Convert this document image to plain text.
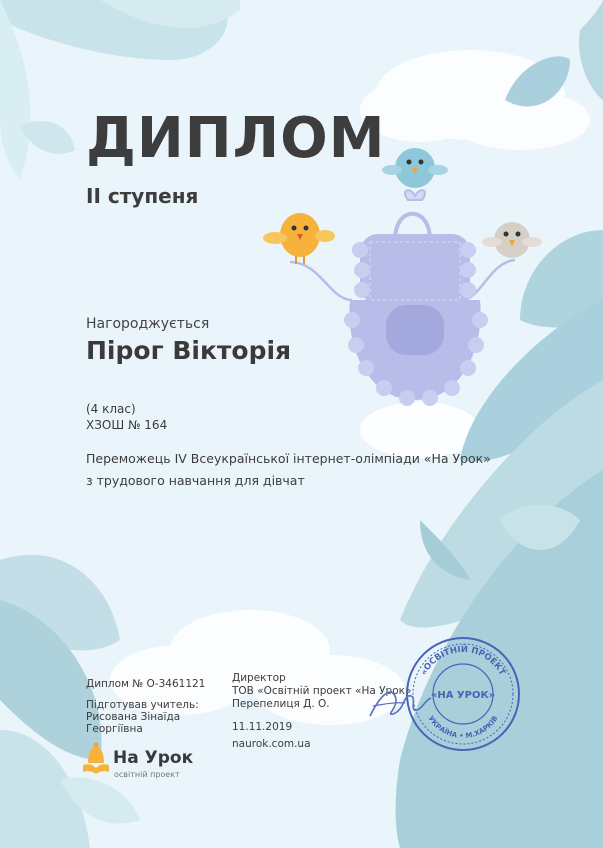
ДИПЛОМ
ІІ ступеня
Нагороджується
Пірог Вікторія
(4 клас)
ХЗОШ № 164
Переможець IV Всеукраїнської інтернет-олімпіади «На Урок»
з трудового навчання для дівчат
Диплом № О-3461121
Підготував учитель:
Рисована Зінаїда
Георгіївна
Директор
ТОВ «Освітній проект «На Урок»
Перепелиця Д. О.
11.11.2019
naurok.com.ua
На Урок
освітній проект
«ОСВІТНІЙ ПРОЕКТ
УКРАЇНА • М.ХАРКІВ
«НА УРОК»
